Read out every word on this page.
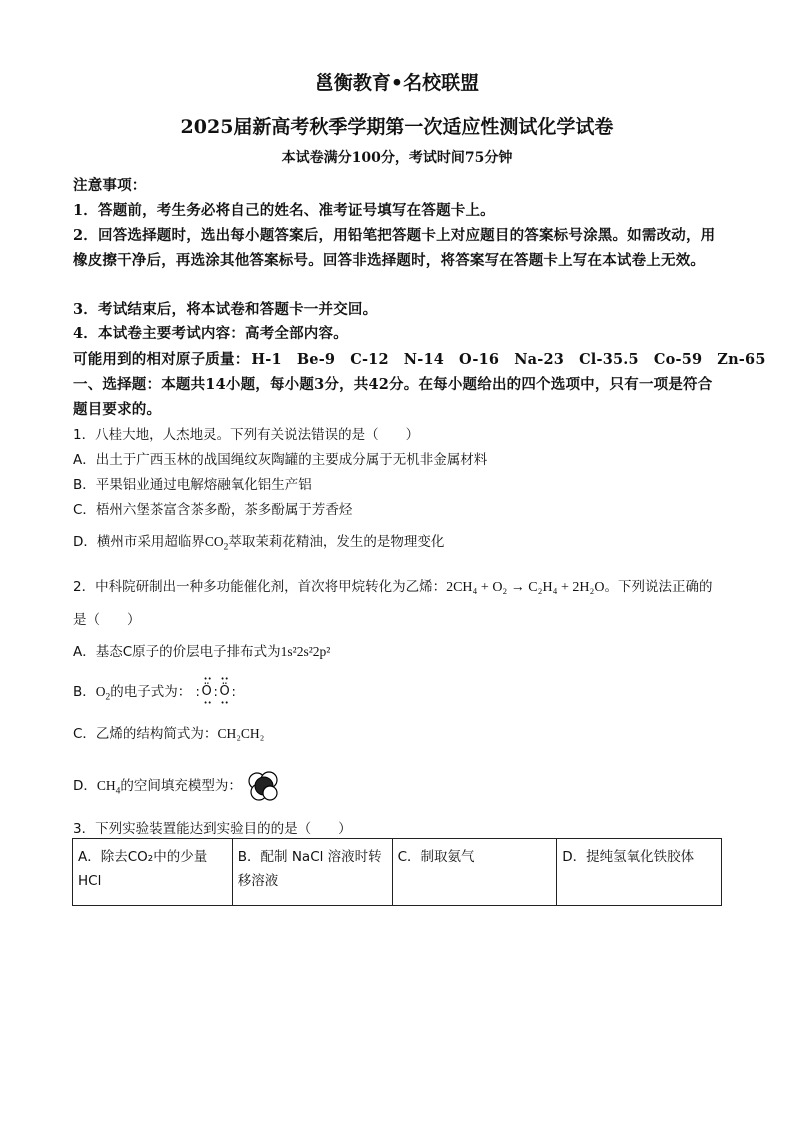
邕衡教育•名校联盟
2025届新高考秋季学期第一次适应性测试化学试卷
本试卷满分100分，考试时间75分钟
注意事项：
1．答题前，考生务必将自己的姓名、准考证号填写在答题卡上。
2．回答选择题时，选出每小题答案后，用铅笔把答题卡上对应题目的答案标号涂黑。如需改动，用橡皮擦干净后，再选涂其他答案标号。回答非选择题时，将答案写在答题卡上写在本试卷上无效。
3．考试结束后，将本试卷和答题卡一并交回。
4．本试卷主要考试内容：高考全部内容。
可能用到的相对原子质量： H-1 Be-9 C-12 N-14 O-16 Na-23 Cl-35.5 Co-59 Zn-65
一、选择题：本题共14小题，每小题3分，共42分。在每小题给出的四个选项中，只有一项是符合题目要求的。
1．八桂大地，人杰地灵。下列有关说法错误的是（　　）
A．出土于广西玉林的战国绳纹灰陶罐的主要成分属于无机非金属材料
B．平果铝业通过电解熔融氧化铝生产铝
C．梧州六堡茶富含茶多酚，茶多酚属于芳香烃
D．横州市采用超临界$CO_2$萃取茉莉花精油，发生的是物理变化
2．中科院研制出一种多功能催化剂，首次将甲烷转化为乙烯：2CH₄ + O₂ → C₂H₄ + 2H₂O。下列说法正确的是（　　）
A．基态C原子的价层电子排布式为1s²2s²2p²
B．$O_2$的电子式为：
•• ••
: Ö : Ö :
•• ••
C．乙烯的结构简式为：CH₂CH₂
D．$CH_4$的空间填充模型为：
3．下列实验装置能达到实验目的的是（　　）
A．除去CO₂中的少量HCl	B．配制 NaCl 溶液时转移溶液	C．制取氨气	D．提纯氢氧化铁胶体
